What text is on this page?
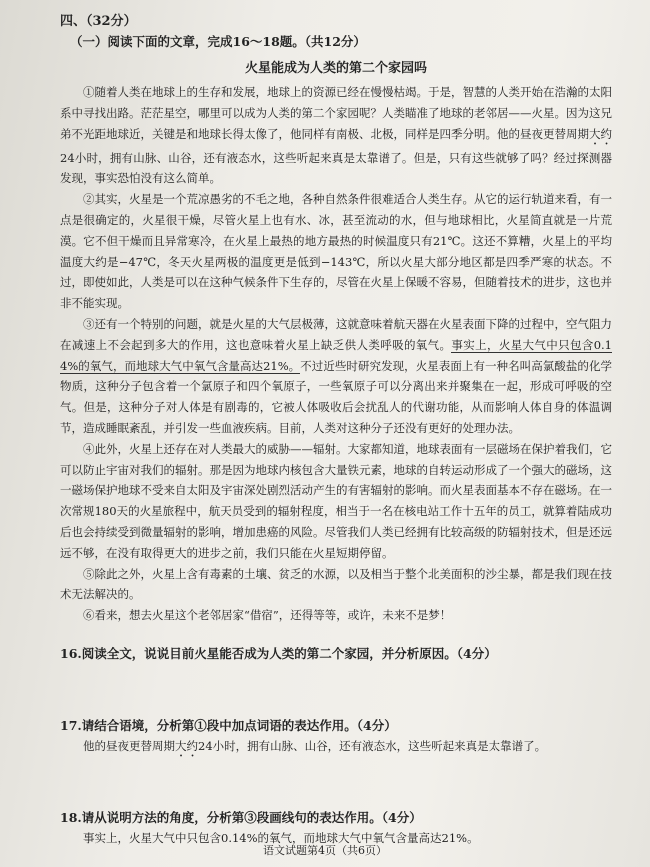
四、（32分）
（一）阅读下面的文章，完成16～18题。（共12分）
火星能成为人类的第二个家园吗

①随着人类在地球上的生存和发展，地球上的资源已经在慢慢枯竭。于是，智慧的人类开始在浩瀚的太阳系中寻找出路。茫茫星空，哪里可以成为人类的第二个家园呢？人类瞄准了地球的老邻居——火星。因为这兄弟不光距地球近，关键是和地球长得太像了，他同样有南极、北极，同样是四季分明。他的昼夜更替周期大约24小时，拥有山脉、山谷，还有液态水，这些听起来真是太靠谱了。但是，只有这些就够了吗？经过探测器发现，事实恐怕没有这么简单。

②其实，火星是一个荒凉愚劣的不毛之地，各种自然条件很难适合人类生存。从它的运行轨道来看，有一点是很确定的，火星很干燥，尽管火星上也有水、冰，甚至流动的水，但与地球相比，火星简直就是一片荒漠。它不但干燥而且异常寒冷，在火星上最热的地方最热的时候温度只有21℃。这还不算糟，火星上的平均温度大约是−47℃，冬天火星两极的温度更是低到−143℃，所以火星大部分地区都是四季严寒的状态。不过，即使如此，人类是可以在这种气候条件下生存的，尽管在火星上保暖不容易，但随着技术的进步，这也并非不能实现。

③还有一个特别的问题，就是火星的大气层极薄，这就意味着航天器在火星表面下降的过程中，空气阻力在减速上不会起到多大的作用，这也意味着火星上缺乏供人类呼吸的氧气。事实上，火星大气中只包含0.14%的氧气，而地球大气中氧气含量高达21%。不过近些时研究发现，火星表面上有一种名叫高氯酸盐的化学物质，这种分子包含着一个氯原子和四个氧原子，一些氧原子可以分离出来并聚集在一起，形成可呼吸的空气。但是，这种分子对人体是有剧毒的，它被人体吸收后会扰乱人的代谢功能，从而影响人体自身的体温调节，造成睡眠紊乱，并引发一些血液疾病。目前，人类对这种分子还没有更好的处理办法。

④此外，火星上还存在对人类最大的威胁——辐射。大家都知道，地球表面有一层磁场在保护着我们，它可以防止宇宙对我们的辐射。那是因为地球内核包含大量铁元素，地球的自转运动形成了一个强大的磁场，这一磁场保护地球不受来自太阳及宇宙深处剧烈活动产生的有害辐射的影响。而火星表面基本不存在磁场。在一次常规180天的火星旅程中，航天员受到的辐射程度，相当于一名在核电站工作十五年的员工，就算着陆成功后也会持续受到微量辐射的影响，增加患癌的风险。尽管我们人类已经拥有比较高级的防辐射技术，但是还远远不够，在没有取得更大的进步之前，我们只能在火星短期停留。

⑤除此之外，火星上含有毒素的土壤、贫乏的水源，以及相当于整个北美面积的沙尘暴，都是我们现在技术无法解决的。

⑥看来，想去火星这个老邻居家“借宿”，还得等等，或许，未来不是梦！

16.阅读全文，说说目前火星能否成为人类的第二个家园，并分析原因。（4分）

17.请结合语境，分析第①段中加点词语的表达作用。（4分）

他的昼夜更替周期大约24小时，拥有山脉、山谷，还有液态水，这些听起来真是太靠谱了。

18.请从说明方法的角度，分析第③段画线句的表达作用。（4分）

事实上，火星大气中只包含0.14%的氧气，而地球大气中氧气含量高达21%。

语文试题第4页（共6页）
